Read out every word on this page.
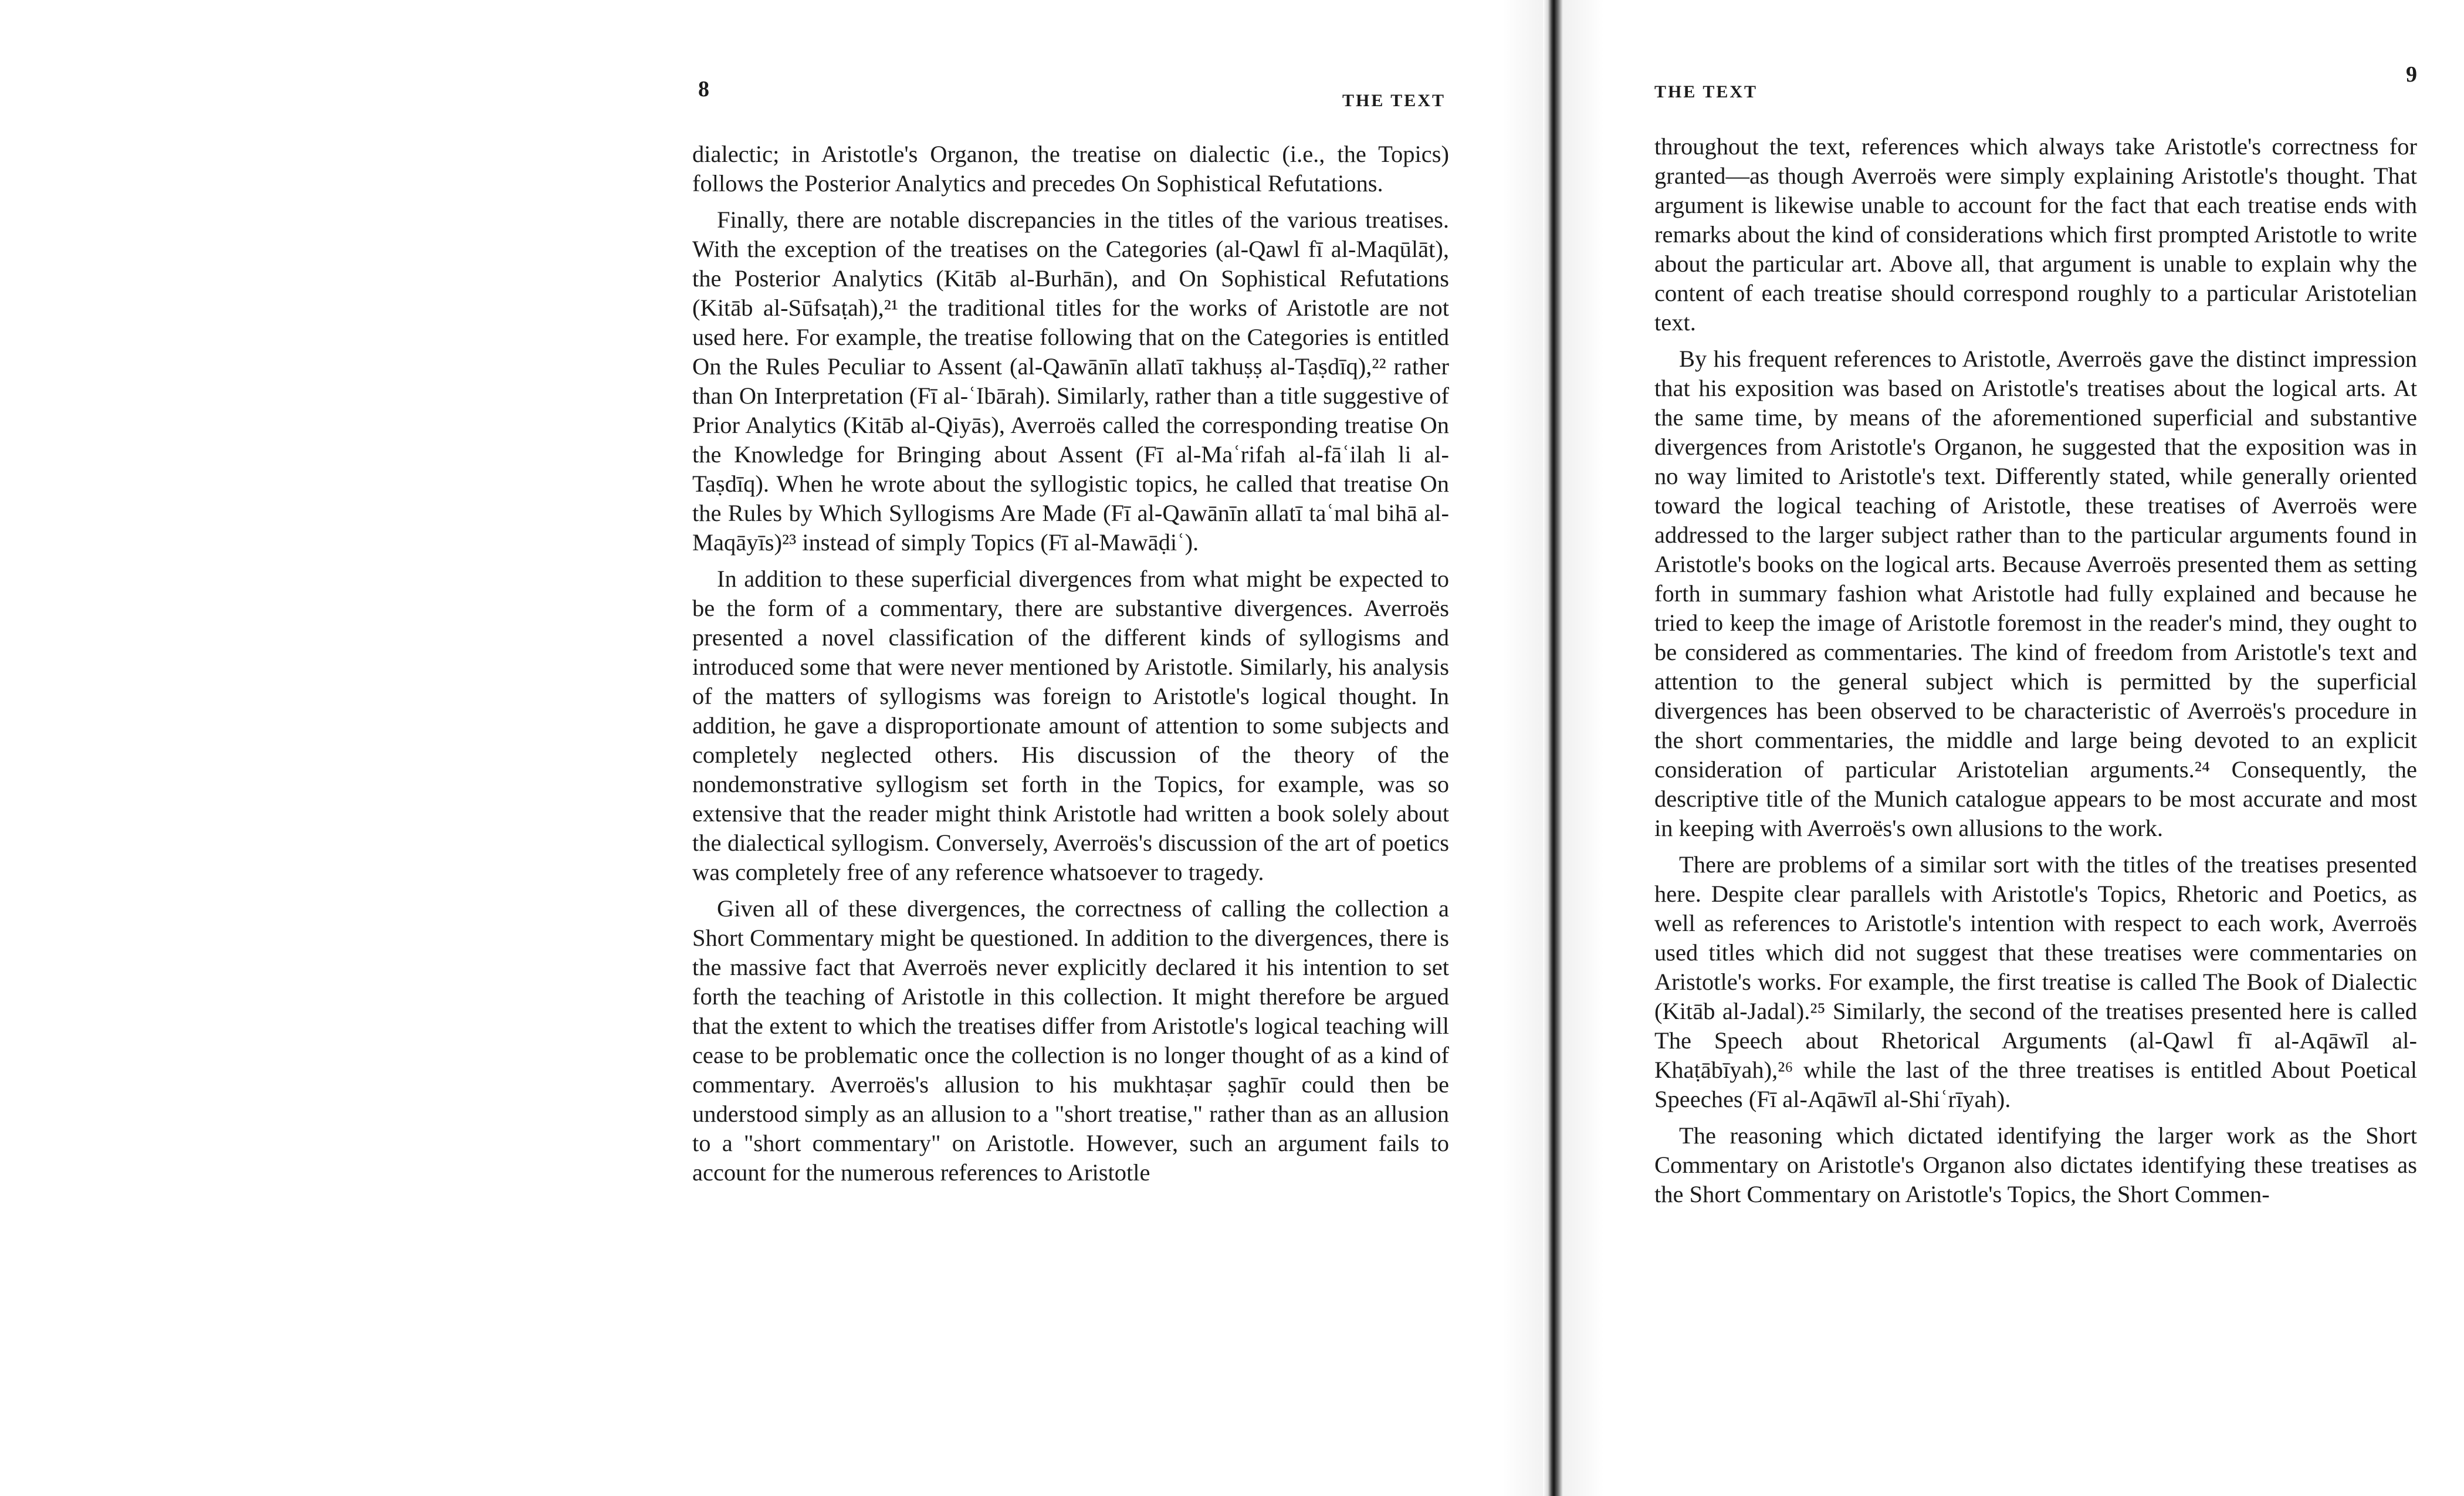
8	THE TEXT

dialectic; in Aristotle's Organon, the treatise on dialectic (i.e., the Topics) follows the Posterior Analytics and precedes On Sophistical Refutations.

Finally, there are notable discrepancies in the titles of the various treatises. With the exception of the treatises on the Categories (al-Qawl fī al-Maqūlāt), the Posterior Analytics (Kitāb al-Burhān), and On Sophistical Refutations (Kitāb al-Sūfsaṭah),²¹ the traditional titles for the works of Aristotle are not used here. For example, the treatise following that on the Categories is entitled On the Rules Peculiar to Assent (al-Qawānīn allatī takhuṣṣ al-Taṣdīq),²² rather than On Interpretation (Fī al-ʿIbārah). Similarly, rather than a title suggestive of Prior Analytics (Kitāb al-Qiyās), Averroës called the corresponding treatise On the Knowledge for Bringing about Assent (Fī al-Maʿrifah al-fāʿilah li al-Taṣdīq). When he wrote about the syllogistic topics, he called that treatise On the Rules by Which Syllogisms Are Made (Fī al-Qawānīn allatī taʿmal bihā al-Maqāyīs)²³ instead of simply Topics (Fī al-Mawāḍiʿ).

In addition to these superficial divergences from what might be expected to be the form of a commentary, there are substantive divergences. Averroës presented a novel classification of the different kinds of syllogisms and introduced some that were never mentioned by Aristotle. Similarly, his analysis of the matters of syllogisms was foreign to Aristotle's logical thought. In addition, he gave a disproportionate amount of attention to some subjects and completely neglected others. His discussion of the theory of the nondemonstrative syllogism set forth in the Topics, for example, was so extensive that the reader might think Aristotle had written a book solely about the dialectical syllogism. Conversely, Averroës's discussion of the art of poetics was completely free of any reference whatsoever to tragedy.

Given all of these divergences, the correctness of calling the collection a Short Commentary might be questioned. In addition to the divergences, there is the massive fact that Averroës never explicitly declared it his intention to set forth the teaching of Aristotle in this collection. It might therefore be argued that the extent to which the treatises differ from Aristotle's logical teaching will cease to be problematic once the collection is no longer thought of as a kind of commentary. Averroës's allusion to his mukhtaṣar ṣaghīr could then be understood simply as an allusion to a "short treatise," rather than as an allusion to a "short commentary" on Aristotle. However, such an argument fails to account for the numerous references to Aristotle

9
THE TEXT

throughout the text, references which always take Aristotle's correctness for granted—as though Averroës were simply explaining Aristotle's thought. That argument is likewise unable to account for the fact that each treatise ends with remarks about the kind of considerations which first prompted Aristotle to write about the particular art. Above all, that argument is unable to explain why the content of each treatise should correspond roughly to a particular Aristotelian text.

By his frequent references to Aristotle, Averroës gave the distinct impression that his exposition was based on Aristotle's treatises about the logical arts. At the same time, by means of the aforementioned superficial and substantive divergences from Aristotle's Organon, he suggested that the exposition was in no way limited to Aristotle's text. Differently stated, while generally oriented toward the logical teaching of Aristotle, these treatises of Averroës were addressed to the larger subject rather than to the particular arguments found in Aristotle's books on the logical arts. Because Averroës presented them as setting forth in summary fashion what Aristotle had fully explained and because he tried to keep the image of Aristotle foremost in the reader's mind, they ought to be considered as commentaries. The kind of freedom from Aristotle's text and attention to the general subject which is permitted by the superficial divergences has been observed to be characteristic of Averroës's procedure in the short commentaries, the middle and large being devoted to an explicit consideration of particular Aristotelian arguments.²⁴ Consequently, the descriptive title of the Munich catalogue appears to be most accurate and most in keeping with Averroës's own allusions to the work.

There are problems of a similar sort with the titles of the treatises presented here. Despite clear parallels with Aristotle's Topics, Rhetoric and Poetics, as well as references to Aristotle's intention with respect to each work, Averroës used titles which did not suggest that these treatises were commentaries on Aristotle's works. For example, the first treatise is called The Book of Dialectic (Kitāb al-Jadal).²⁵ Similarly, the second of the treatises presented here is called The Speech about Rhetorical Arguments (al-Qawl fī al-Aqāwīl al-Khaṭābīyah),²⁶ while the last of the three treatises is entitled About Poetical Speeches (Fī al-Aqāwīl al-Shiʿrīyah).

The reasoning which dictated identifying the larger work as the Short Commentary on Aristotle's Organon also dictates identifying these treatises as the Short Commentary on Aristotle's Topics, the Short Commen-
